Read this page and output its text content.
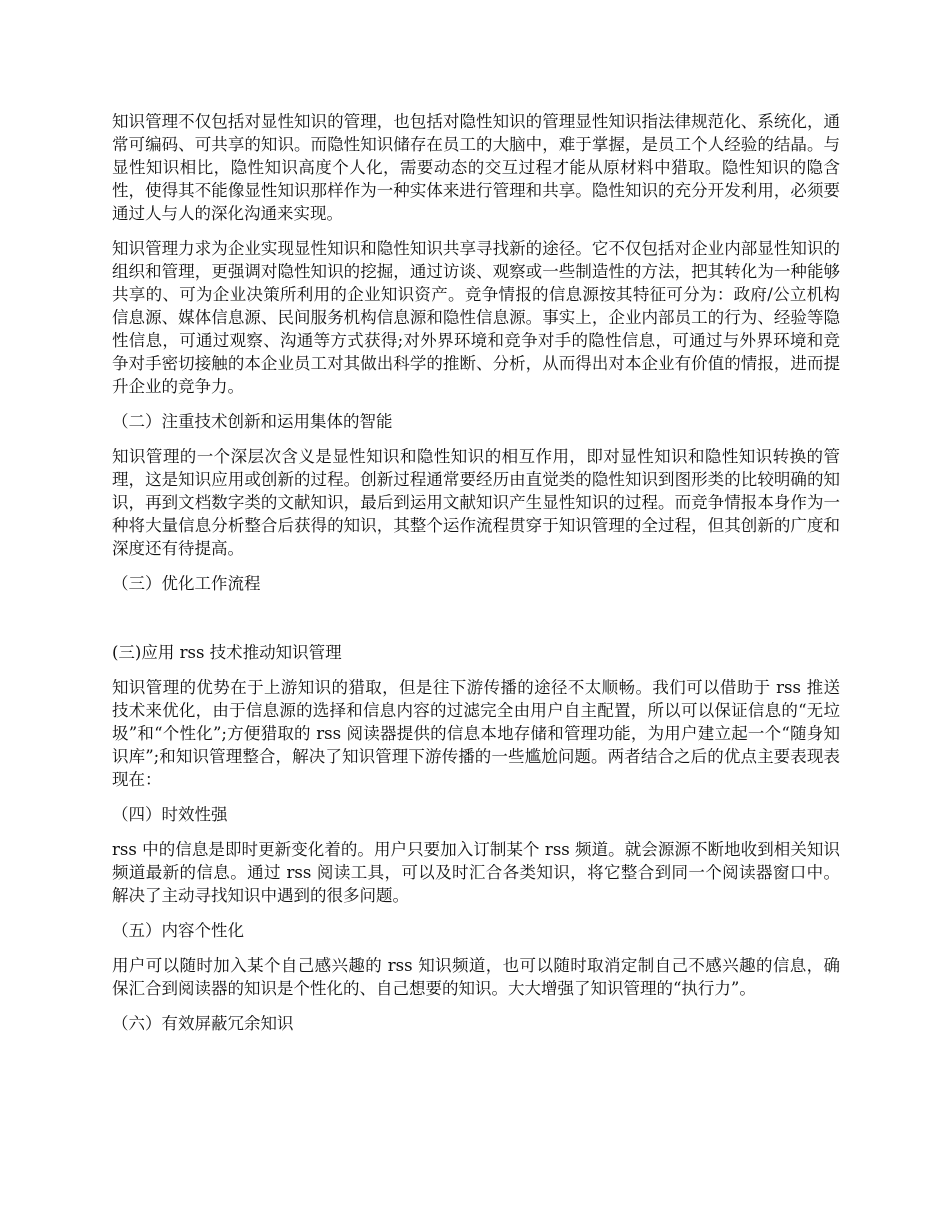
知识管理不仅包括对显性知识的管理，也包括对隐性知识的管理显性知识指法律规范化、系统化，通常可编码、可共享的知识。而隐性知识储存在员工的大脑中，难于掌握，是员工个人经验的结晶。与显性知识相比，隐性知识高度个人化，需要动态的交互过程才能从原材料中猎取。隐性知识的隐含性，使得其不能像显性知识那样作为一种实体来进行管理和共享。隐性知识的充分开发利用，必须要通过人与人的深化沟通来实现。

知识管理力求为企业实现显性知识和隐性知识共享寻找新的途径。它不仅包括对企业内部显性知识的组织和管理，更强调对隐性知识的挖掘，通过访谈、观察或一些制造性的方法，把其转化为一种能够共享的、可为企业决策所利用的企业知识资产。竞争情报的信息源按其特征可分为：政府/公立机构信息源、媒体信息源、民间服务机构信息源和隐性信息源。事实上，企业内部员工的行为、经验等隐性信息，可通过观察、沟通等方式获得;对外界环境和竞争对手的隐性信息，可通过与外界环境和竞争对手密切接触的本企业员工对其做出科学的推断、分析，从而得出对本企业有价值的情报，进而提升企业的竞争力。

（二）注重技术创新和运用集体的智能

知识管理的一个深层次含义是显性知识和隐性知识的相互作用，即对显性知识和隐性知识转换的管理，这是知识应用或创新的过程。创新过程通常要经历由直觉类的隐性知识到图形类的比较明确的知识，再到文档数字类的文献知识，最后到运用文献知识产生显性知识的过程。而竞争情报本身作为一种将大量信息分析整合后获得的知识，其整个运作流程贯穿于知识管理的全过程，但其创新的广度和深度还有待提高。

（三）优化工作流程

(三)应用 rss 技术推动知识管理

知识管理的优势在于上游知识的猎取，但是往下游传播的途径不太顺畅。我们可以借助于 rss 推送技术来优化，由于信息源的选择和信息内容的过滤完全由用户自主配置，所以可以保证信息的“无垃圾”和“个性化”;方便猎取的 rss 阅读器提供的信息本地存储和管理功能，为用户建立起一个“随身知识库”;和知识管理整合，解决了知识管理下游传播的一些尴尬问题。两者结合之后的优点主要表现表现在：

（四）时效性强

rss 中的信息是即时更新变化着的。用户只要加入订制某个 rss 频道。就会源源不断地收到相关知识频道最新的信息。通过 rss 阅读工具，可以及时汇合各类知识，将它整合到同一个阅读器窗口中。解决了主动寻找知识中遇到的很多问题。

（五）内容个性化

用户可以随时加入某个自己感兴趣的 rss 知识频道，也可以随时取消定制自己不感兴趣的信息，确保汇合到阅读器的知识是个性化的、自己想要的知识。大大增强了知识管理的“执行力”。

（六）有效屏蔽冗余知识
